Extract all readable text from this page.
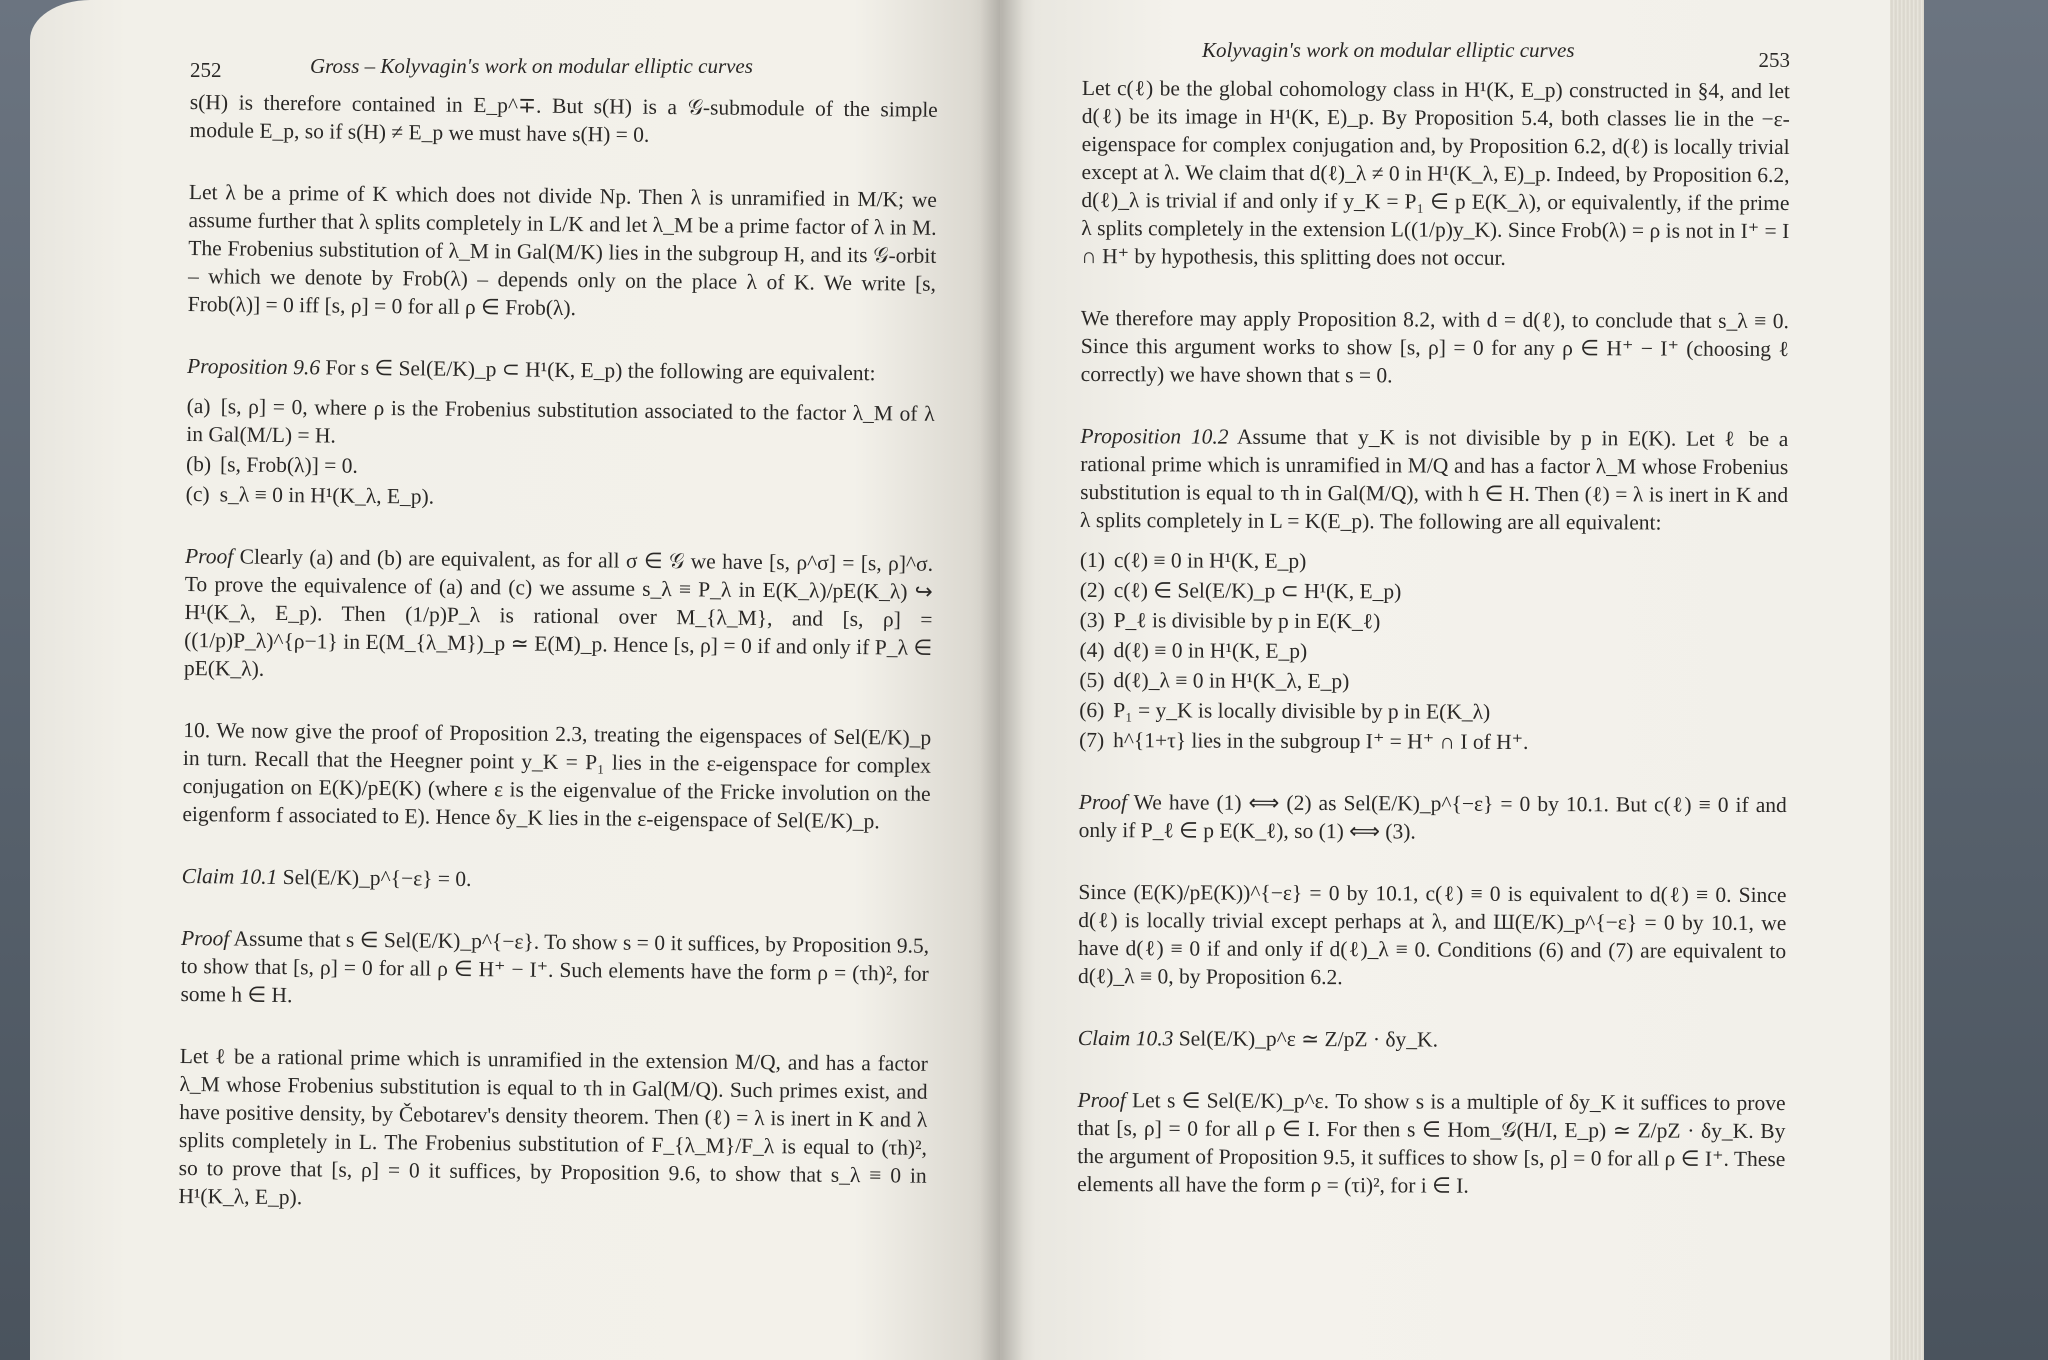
252	Gross – Kolyvagin's work on modular elliptic curves

s(H) is therefore contained in E_p^∓. But s(H) is a 𝒢-submodule of the simple module E_p, so if s(H) ≠ E_p we must have s(H) = 0.

Let λ be a prime of K which does not divide Np. Then λ is unramified in M/K; we assume further that λ splits completely in L/K and let λ_M be a prime factor of λ in M. The Frobenius substitution of λ_M in Gal(M/K) lies in the subgroup H, and its 𝒢-orbit – which we denote by Frob(λ) – depends only on the place λ of K. We write [s, Frob(λ)] = 0 iff [s, ρ] = 0 for all ρ ∈ Frob(λ).

Proposition 9.6 For s ∈ Sel(E/K)_p ⊂ H¹(K, E_p) the following are equivalent:

(a) [s, ρ] = 0, where ρ is the Frobenius substitution associated to the factor λ_M of λ in Gal(M/L) = H.
(b) [s, Frob(λ)] = 0.
(c) s_λ ≡ 0 in H¹(K_λ, E_p).

Proof Clearly (a) and (b) are equivalent, as for all σ ∈ 𝒢 we have [s, ρ^σ] = [s, ρ]^σ. To prove the equivalence of (a) and (c) we assume s_λ ≡ P_λ in E(K_λ)/pE(K_λ) ↪ H¹(K_λ, E_p). Then (1/p)P_λ is rational over M_{λ_M}, and [s, ρ] = ((1/p)P_λ)^{ρ−1} in E(M_{λ_M})_p ≃ E(M)_p. Hence [s, ρ] = 0 if and only if P_λ ∈ pE(K_λ).

10. We now give the proof of Proposition 2.3, treating the eigenspaces of Sel(E/K)_p in turn. Recall that the Heegner point y_K = P₁ lies in the ε-eigenspace for complex conjugation on E(K)/pE(K) (where ε is the eigenvalue of the Fricke involution on the eigenform f associated to E). Hence δy_K lies in the ε-eigenspace of Sel(E/K)_p.

Claim 10.1 Sel(E/K)_p^{−ε} = 0.

Proof Assume that s ∈ Sel(E/K)_p^{−ε}. To show s = 0 it suffices, by Proposition 9.5, to show that [s, ρ] = 0 for all ρ ∈ H⁺ − I⁺. Such elements have the form ρ = (τh)², for some h ∈ H.

Let ℓ be a rational prime which is unramified in the extension M/Q, and has a factor λ_M whose Frobenius substitution is equal to τh in Gal(M/Q). Such primes exist, and have positive density, by Čebotarev's density theorem. Then (ℓ) = λ is inert in K and λ splits completely in L. The Frobenius substitution of F_{λ_M}/F_λ is equal to (τh)², so to prove that [s, ρ] = 0 it suffices, by Proposition 9.6, to show that s_λ ≡ 0 in H¹(K_λ, E_p).

Kolyvagin's work on modular elliptic curves	253

Let c(ℓ) be the global cohomology class in H¹(K, E_p) constructed in §4, and let d(ℓ) be its image in H¹(K, E)_p. By Proposition 5.4, both classes lie in the −ε-eigenspace for complex conjugation and, by Proposition 6.2, d(ℓ) is locally trivial except at λ. We claim that d(ℓ)_λ ≠ 0 in H¹(K_λ, E)_p. Indeed, by Proposition 6.2, d(ℓ)_λ is trivial if and only if y_K = P₁ ∈ p E(K_λ), or equivalently, if the prime λ splits completely in the extension L((1/p)y_K). Since Frob(λ) = ρ is not in I⁺ = I ∩ H⁺ by hypothesis, this splitting does not occur.

We therefore may apply Proposition 8.2, with d = d(ℓ), to conclude that s_λ ≡ 0. Since this argument works to show [s, ρ] = 0 for any ρ ∈ H⁺ − I⁺ (choosing ℓ correctly) we have shown that s = 0.

Proposition 10.2 Assume that y_K is not divisible by p in E(K). Let ℓ be a rational prime which is unramified in M/Q and has a factor λ_M whose Frobenius substitution is equal to τh in Gal(M/Q), with h ∈ H. Then (ℓ) = λ is inert in K and λ splits completely in L = K(E_p). The following are all equivalent:

(1) c(ℓ) ≡ 0 in H¹(K, E_p)
(2) c(ℓ) ∈ Sel(E/K)_p ⊂ H¹(K, E_p)
(3) P_ℓ is divisible by p in E(K_ℓ)
(4) d(ℓ) ≡ 0 in H¹(K, E_p)
(5) d(ℓ)_λ ≡ 0 in H¹(K_λ, E_p)
(6) P₁ = y_K is locally divisible by p in E(K_λ)
(7) h^{1+τ} lies in the subgroup I⁺ = H⁺ ∩ I of H⁺.

Proof We have (1) ⟺ (2) as Sel(E/K)_p^{−ε} = 0 by 10.1. But c(ℓ) ≡ 0 if and only if P_ℓ ∈ p E(K_ℓ), so (1) ⟺ (3).

Since (E(K)/pE(K))^{−ε} = 0 by 10.1, c(ℓ) ≡ 0 is equivalent to d(ℓ) ≡ 0. Since d(ℓ) is locally trivial except perhaps at λ, and Ш(E/K)_p^{−ε} = 0 by 10.1, we have d(ℓ) ≡ 0 if and only if d(ℓ)_λ ≡ 0. Conditions (6) and (7) are equivalent to d(ℓ)_λ ≡ 0, by Proposition 6.2.

Claim 10.3 Sel(E/K)_p^ε ≃ Z/pZ · δy_K.

Proof Let s ∈ Sel(E/K)_p^ε. To show s is a multiple of δy_K it suffices to prove that [s, ρ] = 0 for all ρ ∈ I. For then s ∈ Hom_𝒢(H/I, E_p) ≃ Z/pZ · δy_K. By the argument of Proposition 9.5, it suffices to show [s, ρ] = 0 for all ρ ∈ I⁺. These elements all have the form ρ = (τi)², for i ∈ I.
